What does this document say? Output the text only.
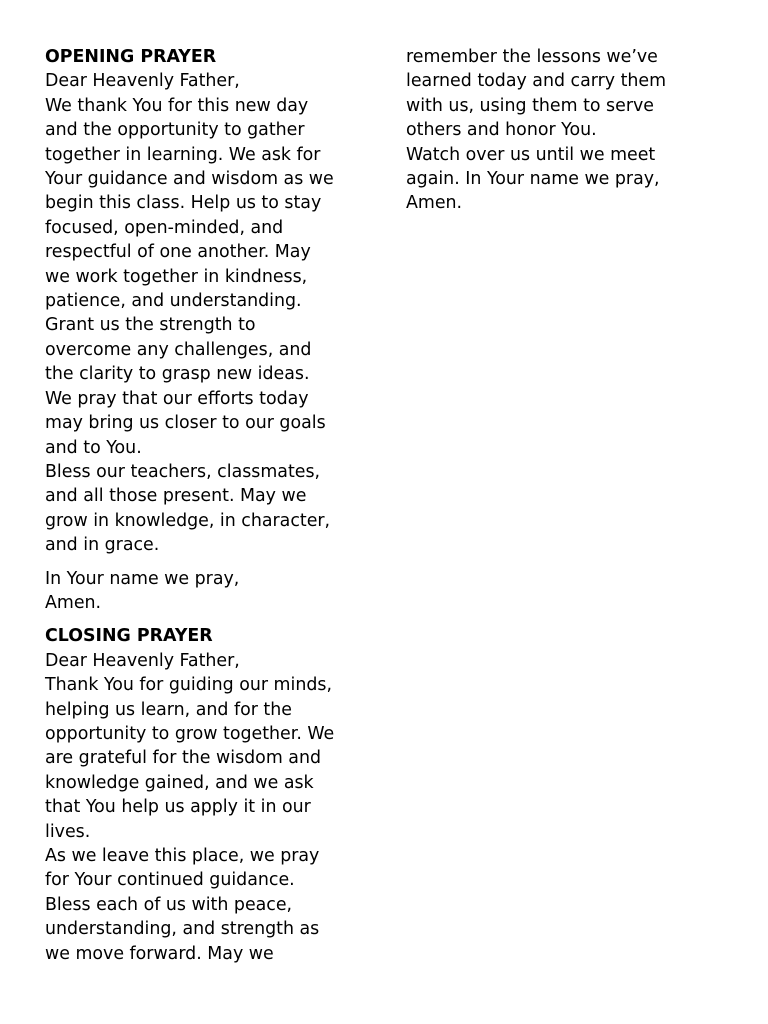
OPENING PRAYER
Dear Heavenly Father,
We thank You for this new day
and the opportunity to gather
together in learning. We ask for
Your guidance and wisdom as we
begin this class. Help us to stay
focused, open-minded, and
respectful of one another. May
we work together in kindness,
patience, and understanding.
Grant us the strength to
overcome any challenges, and
the clarity to grasp new ideas.
We pray that our efforts today
may bring us closer to our goals
and to You.
Bless our teachers, classmates,
and all those present. May we
grow in knowledge, in character,
and in grace.
In Your name we pray,
Amen.
CLOSING PRAYER
Dear Heavenly Father,
Thank You for guiding our minds,
helping us learn, and for the
opportunity to grow together. We
are grateful for the wisdom and
knowledge gained, and we ask
that You help us apply it in our
lives.
As we leave this place, we pray
for Your continued guidance.
Bless each of us with peace,
understanding, and strength as
we move forward. May we
remember the lessons we’ve
learned today and carry them
with us, using them to serve
others and honor You.
Watch over us until we meet
again. In Your name we pray,
Amen.
